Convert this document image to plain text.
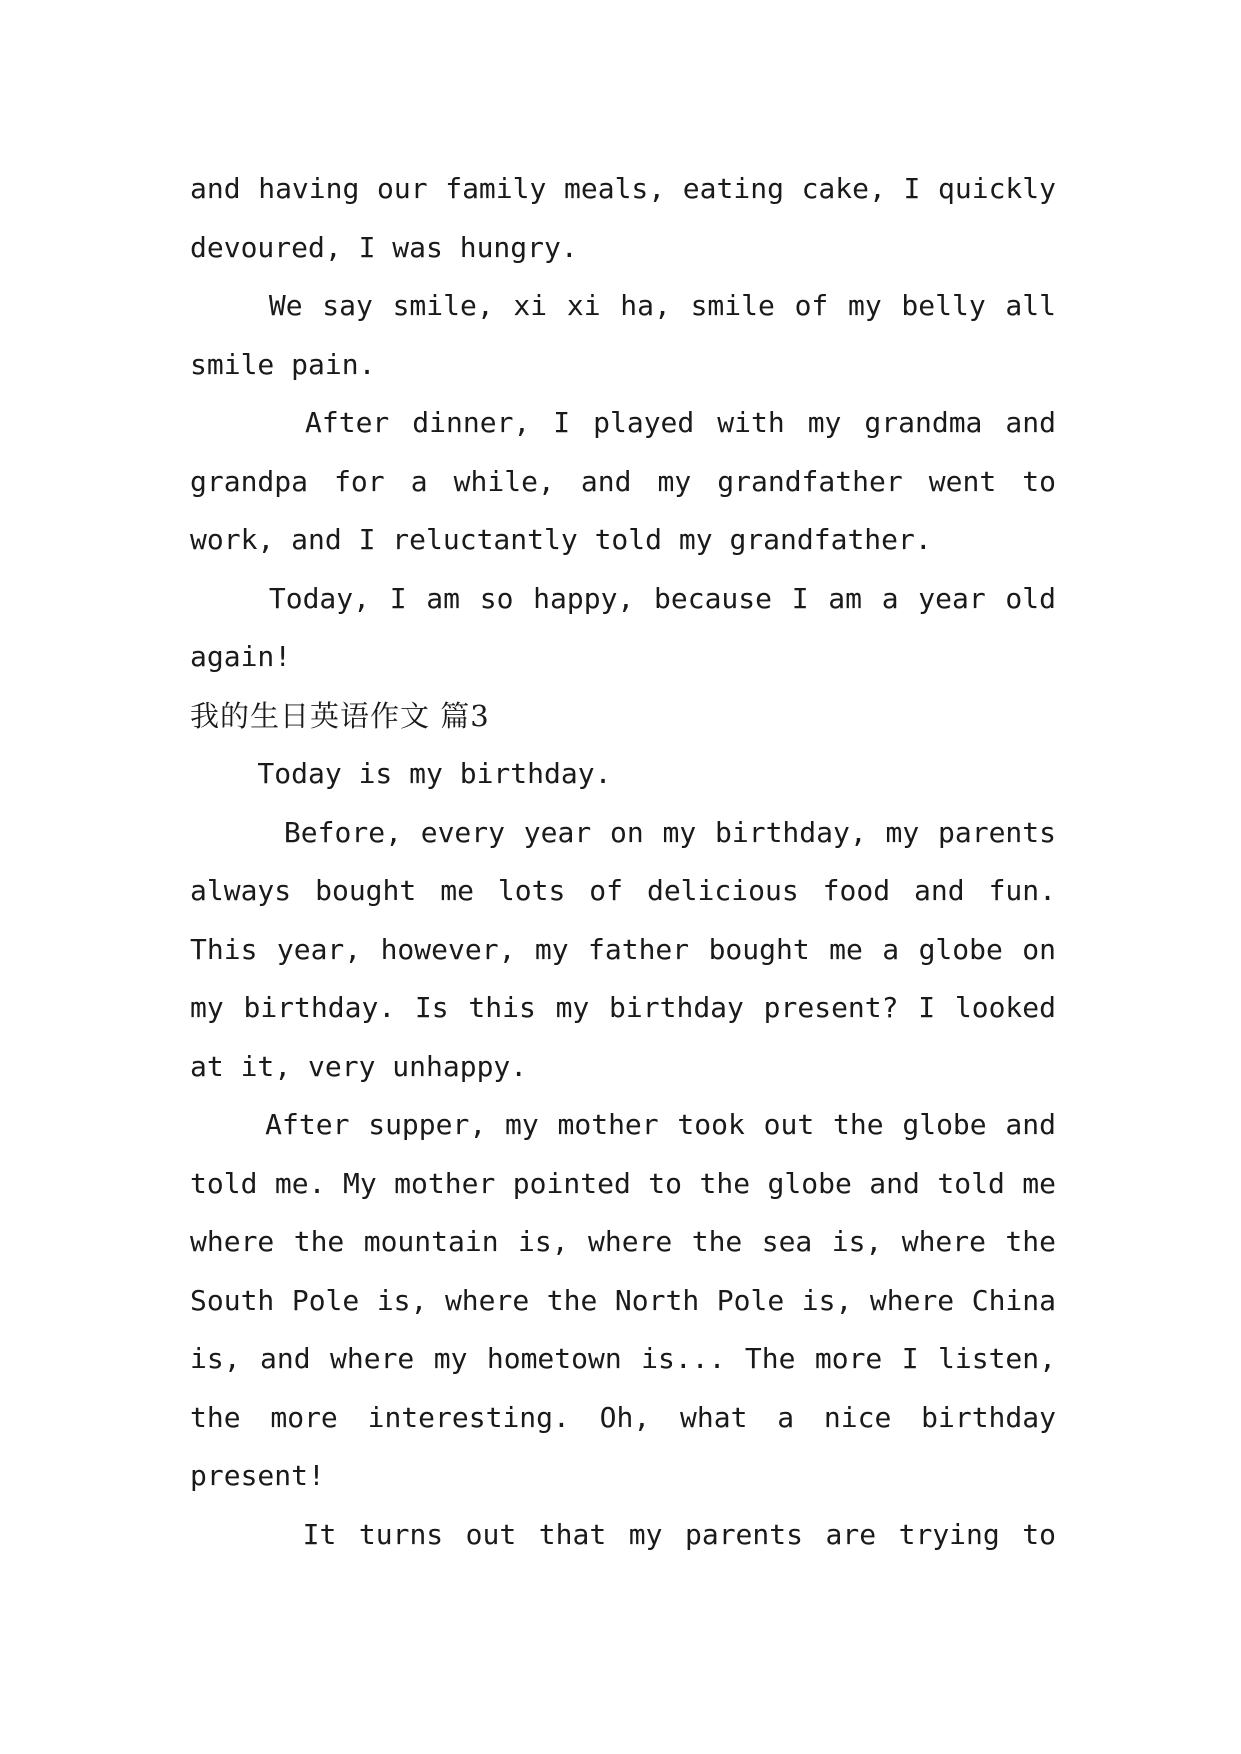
and having our family meals, eating cake, I quickly
devoured, I was hungry.
We say smile, xi xi ha, smile of my belly all
smile pain.
After dinner, I played with my grandma and
grandpa for a while, and my grandfather went to
work, and I reluctantly told my grandfather.
Today, I am so happy, because I am a year old
again!
我的生日英语作文 篇3
Today is my birthday.
Before, every year on my birthday, my parents
always bought me lots of delicious food and fun.
This year, however, my father bought me a globe on
my birthday. Is this my birthday present? I looked
at it, very unhappy.
After supper, my mother took out the globe and
told me. My mother pointed to the globe and told me
where the mountain is, where the sea is, where the
South Pole is, where the North Pole is, where China
is, and where my hometown is... The more I listen,
the more interesting. Oh, what a nice birthday
present!
It turns out that my parents are trying to
